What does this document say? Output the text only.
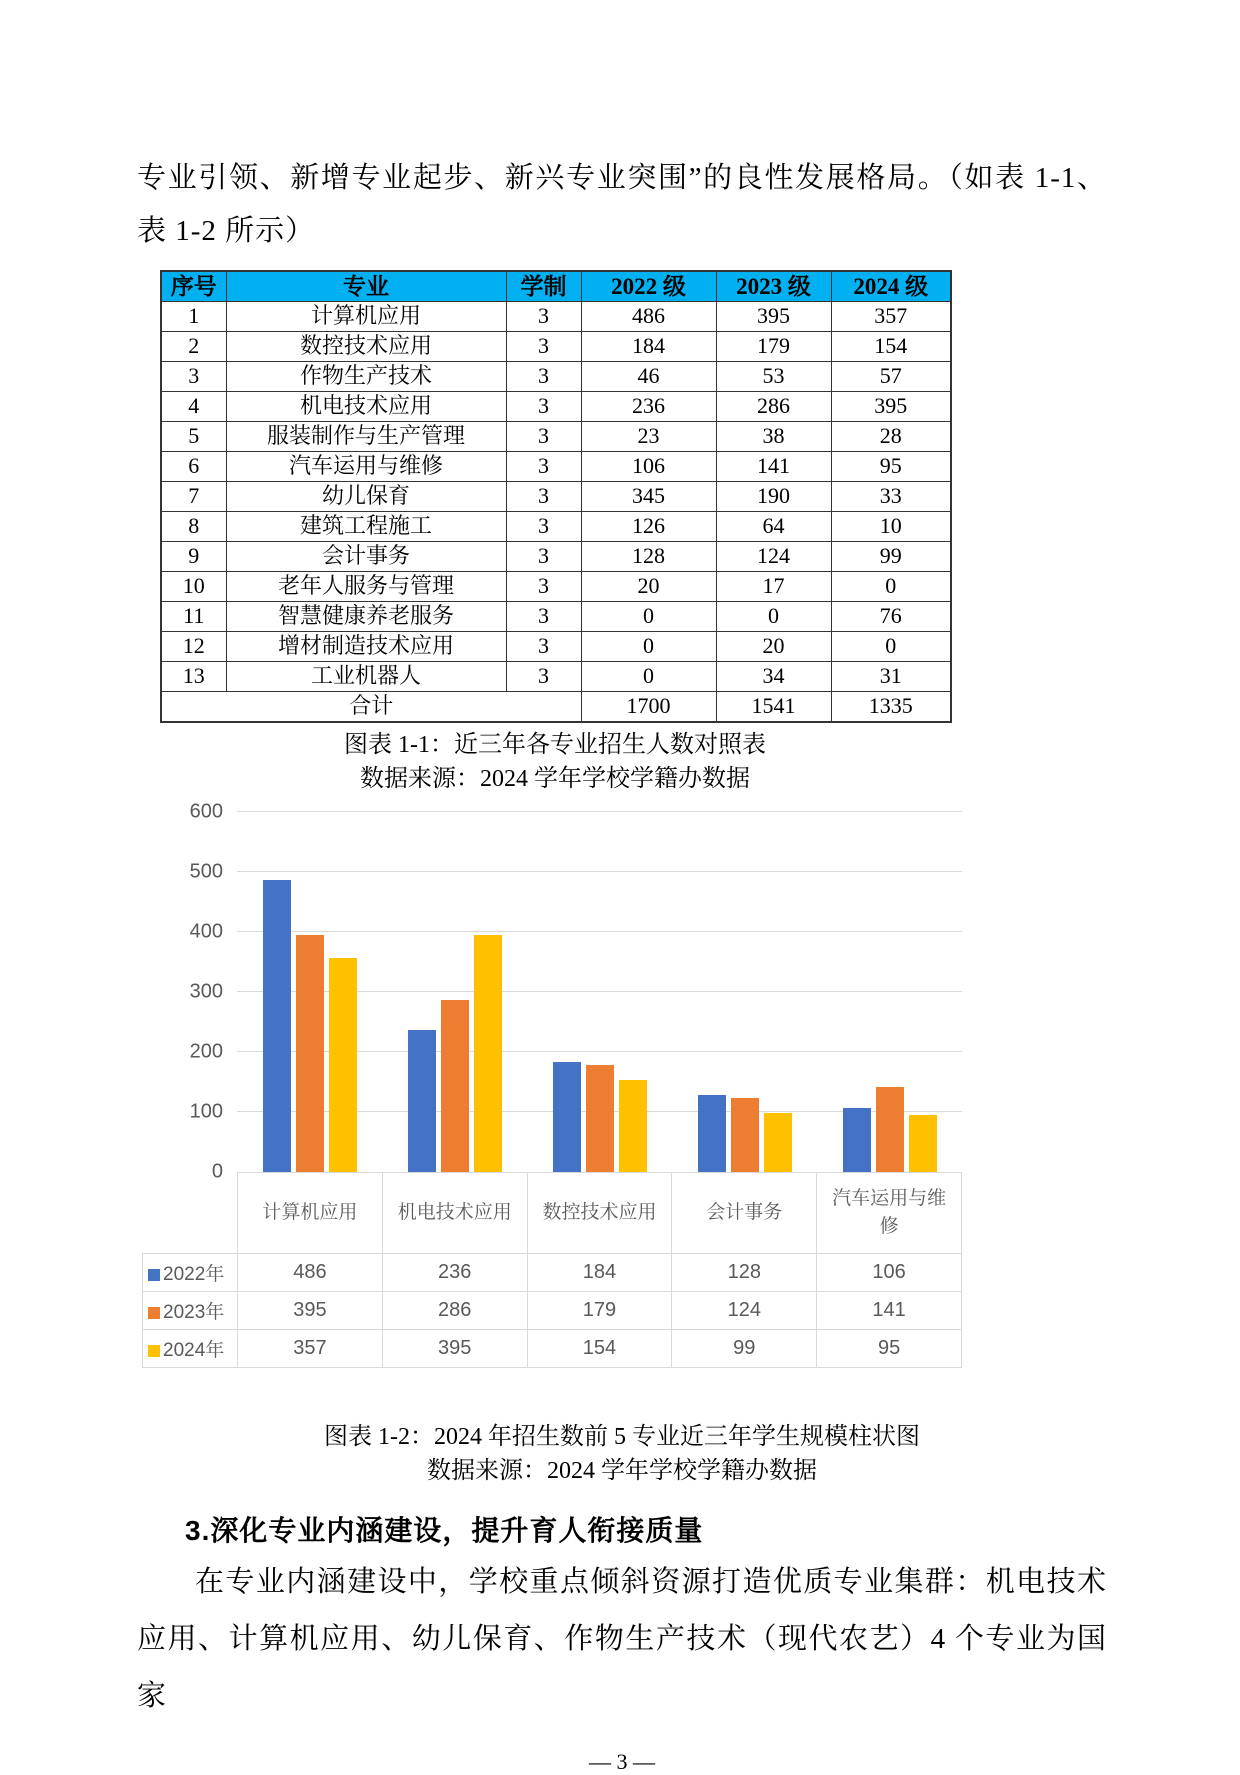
专业引领、新增专业起步、新兴专业突围”的良性发展格局。（如表 1-1、

表 1-2 所示）

序号	专业	学制	2022 级	2023 级	2024 级
1	计算机应用	3	486	395	357
2	数控技术应用	3	184	179	154
3	作物生产技术	3	46	53	57
4	机电技术应用	3	236	286	395
5	服装制作与生产管理	3	23	38	28
6	汽车运用与维修	3	106	141	95
7	幼儿保育	3	345	190	33
8	建筑工程施工	3	126	64	10
9	会计事务	3	128	124	99
10	老年人服务与管理	3	20	17	0
11	智慧健康养老服务	3	0	0	76
12	增材制造技术应用	3	0	20	0
13	工业机器人	3	0	34	31
合计			1700	1541	1335

图表 1-1：近三年各专业招生人数对照表

数据来源：2024 学年学校学籍办数据

0
100
200
300
400
500
600
	计算机应用	机电技术应用	数控技术应用	会计事务	汽车运用与维修
2022年	486	236	184	128	106
2023年	395	286	179	124	141
2024年	357	395	154	99	95

图表 1-2：2024 年招生数前 5 专业近三年学生规模柱状图

数据来源：2024 学年学校学籍办数据

3.深化专业内涵建设，提升育人衔接质量

在专业内涵建设中，学校重点倾斜资源打造优质专业集群：机电技术

应用、计算机应用、幼儿保育、作物生产技术（现代农艺）4 个专业为国家

— 3 —
